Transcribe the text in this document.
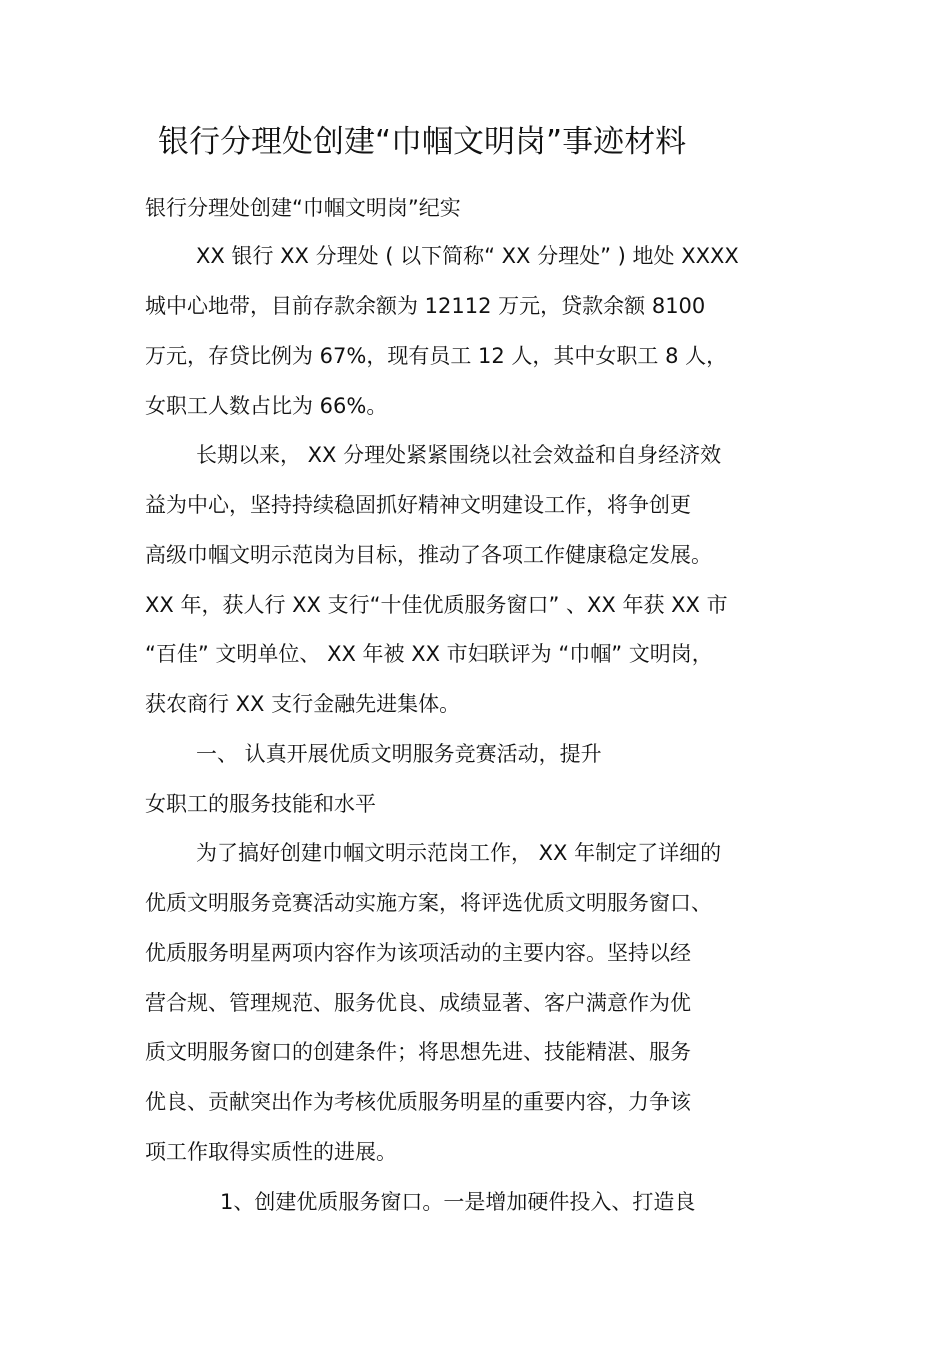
银行分理处创建“巾帼文明岗”事迹材料
银行分理处创建“巾帼文明岗”纪实
XX 银行 XX 分理处 ( 以下简称“ XX 分理处” ) 地处 XXXX
城中心地带，目前存款余额为 12112 万元，贷款余额 8100
万元，存贷比例为 67%，现有员工 12 人，其中女职工 8 人，
女职工人数占比为 66%。
长期以来， XX 分理处紧紧围绕以社会效益和自身经济效
益为中心，坚持持续稳固抓好精神文明建设工作，将争创更
高级巾帼文明示范岗为目标，推动了各项工作健康稳定发展。
XX 年，获人行 XX 支行“十佳优质服务窗口” 、XX 年获 XX 市
“百佳” 文明单位、 XX 年被 XX 市妇联评为 “巾帼” 文明岗，
获农商行 XX 支行金融先进集体。
一、 认真开展优质文明服务竞赛活动，提升
女职工的服务技能和水平
为了搞好创建巾帼文明示范岗工作， XX 年制定了详细的
优质文明服务竞赛活动实施方案，将评选优质文明服务窗口、
优质服务明星两项内容作为该项活动的主要内容。坚持以经
营合规、管理规范、服务优良、成绩显著、客户满意作为优
质文明服务窗口的创建条件；将思想先进、技能精湛、服务
优良、贡献突出作为考核优质服务明星的重要内容，力争该
项工作取得实质性的进展。
1、创建优质服务窗口。一是增加硬件投入、打造良
